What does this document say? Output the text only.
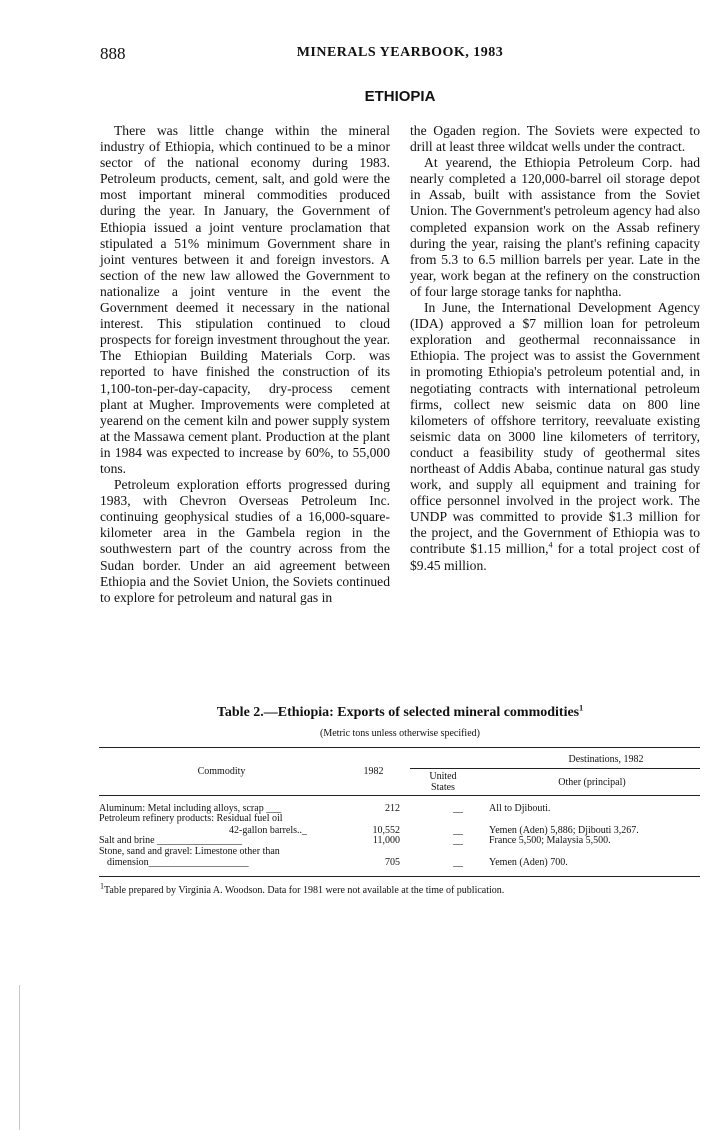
888	MINERALS YEARBOOK, 1983
ETHIOPIA

There was little change within the mineral industry of Ethiopia, which continued to be a minor sector of the national economy during 1983. Petroleum products, cement, salt, and gold were the most important mineral commodities produced during the year. In January, the Government of Ethiopia issued a joint venture proclamation that stipulated a 51% minimum Government share in joint ventures between it and foreign investors. A section of the new law allowed the Government to nationalize a joint venture in the event the Government deemed it necessary in the national interest. This stipulation continued to cloud prospects for foreign investment throughout the year. The Ethiopian Building Materials Corp. was reported to have finished the construction of its 1,100-ton-per-day-capacity, dry-process cement plant at Mugher. Improvements were completed at yearend on the cement kiln and power supply system at the Massawa cement plant. Production at the plant in 1984 was expected to increase by 60%, to 55,000 tons.

Petroleum exploration efforts progressed during 1983, with Chevron Overseas Petroleum Inc. continuing geophysical studies of a 16,000-square-kilometer area in the Gambela region in the southwestern part of the country across from the Sudan border. Under an aid agreement between Ethiopia and the Soviet Union, the Soviets continued to explore for petroleum and natural gas in

the Ogaden region. The Soviets were expected to drill at least three wildcat wells under the contract.

At yearend, the Ethiopia Petroleum Corp. had nearly completed a 120,000-barrel oil storage depot in Assab, built with assistance from the Soviet Union. The Government's petroleum agency had also completed expansion work on the Assab refinery during the year, raising the plant's refining capacity from 5.3 to 6.5 million barrels per year. Late in the year, work began at the refinery on the construction of four large storage tanks for naphtha.

In June, the International Development Agency (IDA) approved a $7 million loan for petroleum exploration and geothermal reconnaissance in Ethiopia. The project was to assist the Government in promoting Ethiopia's petroleum potential and, in negotiating contracts with international petroleum firms, collect new seismic data on 800 line kilometers of offshore territory, reevaluate existing seismic data on 3000 line kilometers of territory, conduct a feasibility study of geothermal sites northeast of Addis Ababa, continue natural gas study work, and supply all equipment and training for office personnel involved in the project work. The UNDP was committed to provide $1.3 million for the project, and the Government of Ethiopia was to contribute $1.15 million,$^4$ for a total project cost of $9.45 million.

Table 2.—Ethiopia: Exports of selected mineral commodities$^1$
(Metric tons unless otherwise specified)
Destinations, 1982
Commodity	1982	United
States	Other (principal)
Aluminum: Metal including alloys, scrap ___	212	__	All to Djibouti.
Petroleum refinery products: Residual fuel oil
42-gallon barrels.._	10,552	__	Yemen (Aden) 5,886; Djibouti 3,267.
Salt and brine _________________	11,000	__	France 5,500; Malaysia 5,500.
Stone, sand and gravel: Limestone other than
dimension____________________	705	__	Yemen (Aden) 700.
$^1$Table prepared by Virginia A. Woodson. Data for 1981 were not available at the time of publication.
